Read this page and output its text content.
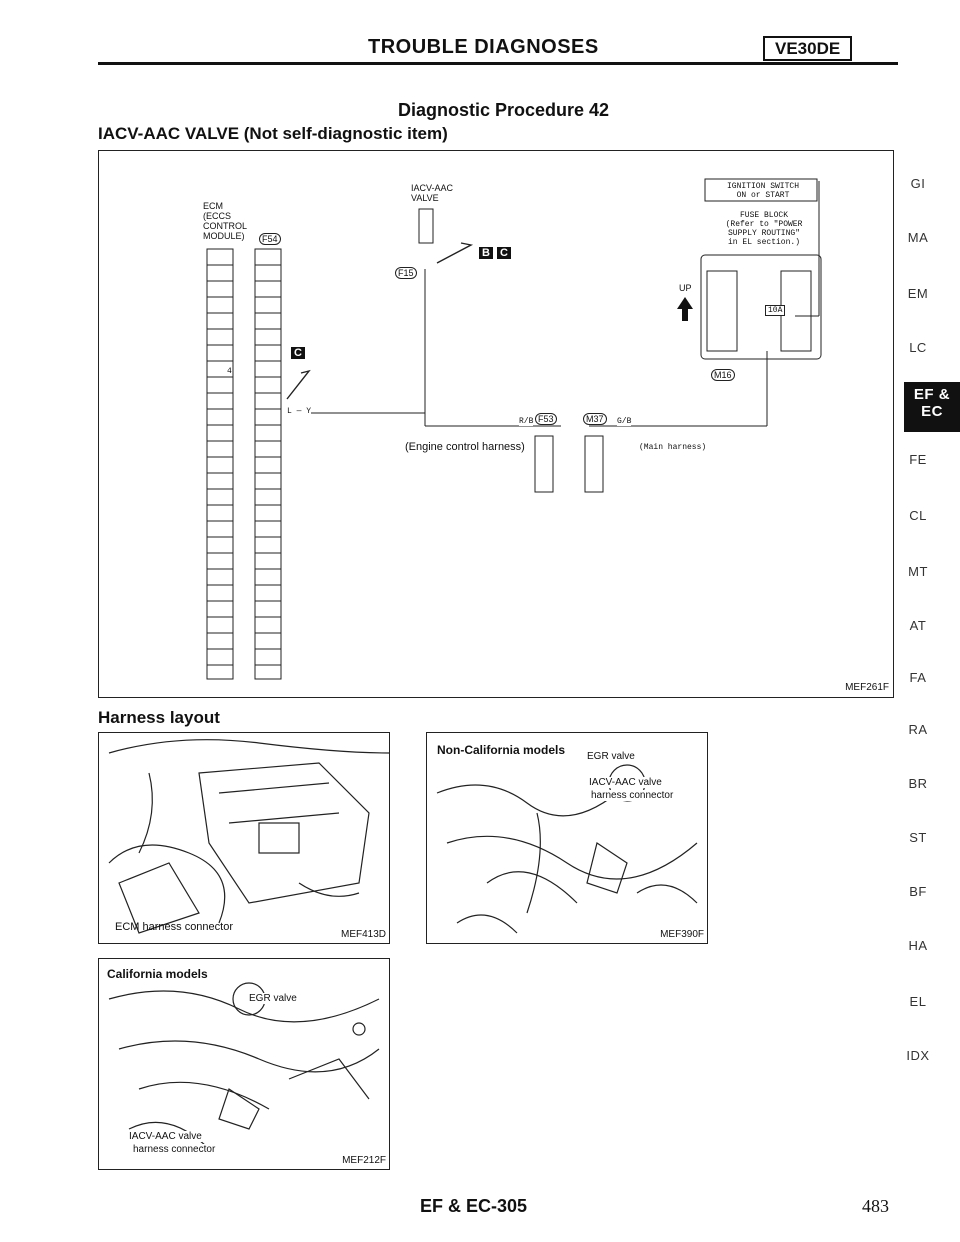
TROUBLE DIAGNOSES	VE30DE
Diagnostic Procedure 42
IACV-AAC VALVE (Not self-diagnostic item)
ECM
(ECCS
CONTROL
MODULE)	F54
IACV-AAC
VALVE
F15
B C
C
IGNITION SWITCH
ON or START
FUSE BLOCK
(Refer to "POWER
SUPPLY ROUTING"
in EL section.)
10A
UP
M16
F53	M37
(Engine control harness)	(Main harness)
R/B	G/B
L — Y
4
MEF261F
Harness layout
ECM harness connector
MEF413D
Non-California models EGR valve
IACV-AAC valve
harness connector
MEF390F
California models
EGR valve
IACV-AAC valve
harness connector
MEF212F
GI
MA
EM
LC
EF & EC
FE
CL
MT
AT
FA
RA
BR
ST
BF
HA
EL
IDX
EF & EC-305	483
